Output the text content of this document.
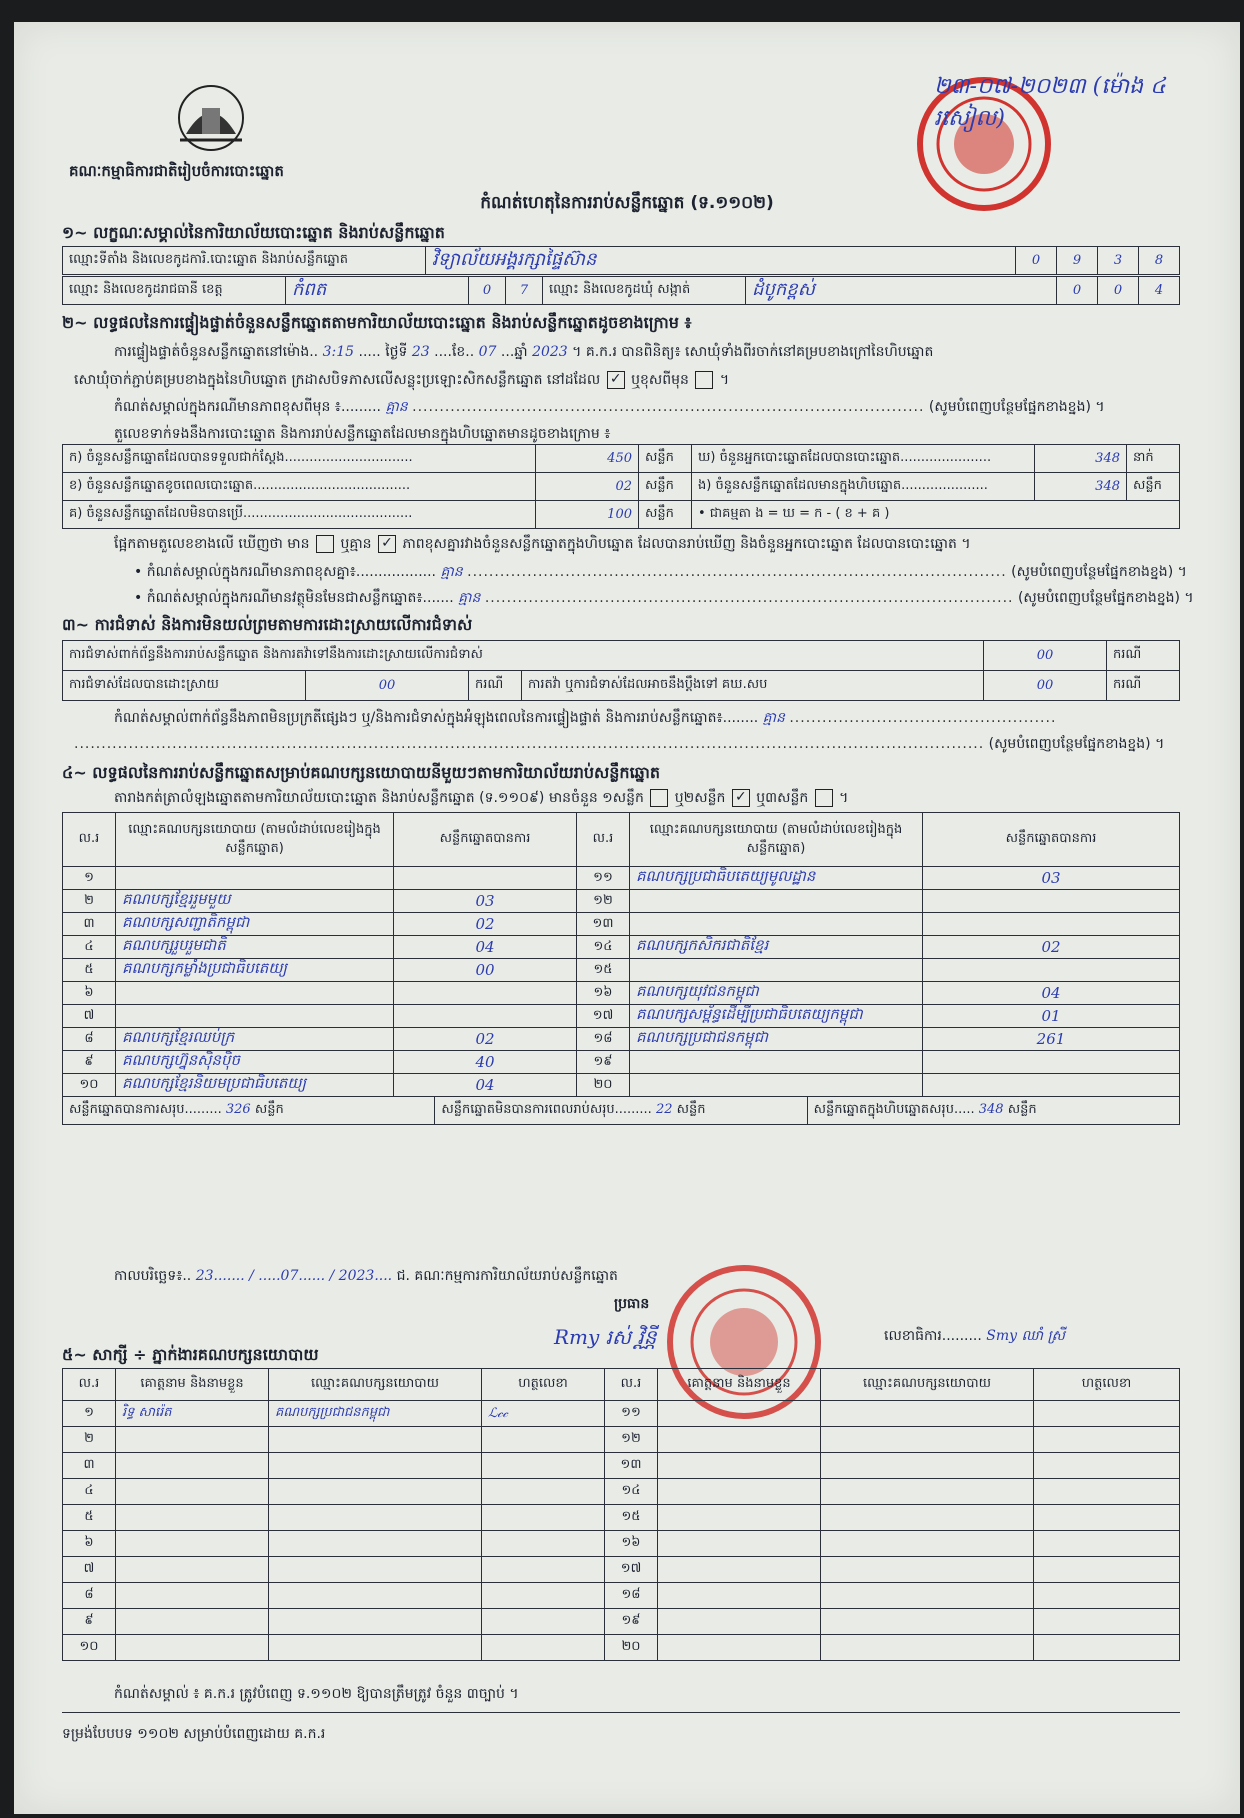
គណៈកម្មាធិការជាតិរៀបចំការបោះឆ្នោត
២៣-០៧-២០២៣ (ម៉ោង ៤ រសៀល)
កំណត់ហេតុនៃការរាប់សន្លឹកឆ្នោត (ទ.១១០២)
១~ លក្ខណៈសម្គាល់នៃការិយាល័យបោះឆ្នោត និងរាប់សន្លឹកឆ្នោត
ឈ្មោះទីតាំង និងលេខកូដការិ.បោះឆ្នោត និងរាប់សន្លឹកឆ្នោត	វិទ្យាល័យអង្គរក្សាផ្ទៃស៊ាន	0	9	3	8
ឈ្មោះ និងលេខកូដរាជធានី ខេត្ត	កំពត	0	7	ឈ្មោះ និងលេខកូដឃុំ សង្កាត់	ដំបូកខ្ពស់	0	0	4
២~ លទ្ធផលនៃការផ្ទៀងផ្ទាត់ចំនួនសន្លឹកឆ្នោតតាមការិយាល័យបោះឆ្នោត និងរាប់សន្លឹកឆ្នោតដូចខាងក្រោម ៖
ការផ្ទៀងផ្ទាត់ចំនួនសន្លឹកឆ្នោតនៅម៉ោង.. 3:15 ..... ថ្ងៃទី 23 ....ខែ.. 07 ...ឆ្នាំ 2023 ។ គ.ក.រ បានពិនិត្យ៖ សោឃុំទាំងពីរចាក់នៅគម្របខាងក្រៅនៃហិបឆ្នោត
សោឃុំចាក់ភ្ជាប់គម្របខាងក្នុងនៃហិបឆ្នោត ក្រដាសបិទភាសលើសន្លុះប្រឡោះសិកសន្លឹកឆ្នោត នៅដដែល ✓ ឬខុសពីមុន  ។
កំណត់សម្គាល់ក្នុងករណីមានភាពខុសពីមុន ៖......... គ្មាន .............................................................................................. (សូមបំពេញបន្ថែមផ្នែកខាងខ្នង) ។
តួលេខទាក់ទងនឹងការបោះឆ្នោត និងការរាប់សន្លឹកឆ្នោតដែលមានក្នុងហិបឆ្នោតមានដូចខាងក្រោម ៖
ក) ចំនួនសន្លឹកឆ្នោតដែលបានទទួលជាក់ស្ដែង...............................	450	សន្លឹក	ឃ) ចំនួនអ្នកបោះឆ្នោតដែលបានបោះឆ្នោត......................	348	នាក់
ខ) ចំនួនសន្លឹកឆ្នោតខូចពេលបោះឆ្នោត......................................	02	សន្លឹក	ង) ចំនួនសន្លឹកឆ្នោតដែលមានក្នុងហិបឆ្នោត.....................	348	សន្លឹក
គ) ចំនួនសន្លឹកឆ្នោតដែលមិនបានប្រើ.........................................	100	សន្លឹក	• ជាគម្មតា ង = ឃ = ក - ( ខ + គ )		
ផ្អែកតាមតួលេខខាងលើ ឃើញថា មាន ឬគ្មាន ✓ ភាពខុសគ្នារវាងចំនួនសន្លឹកឆ្នោតក្នុងហិបឆ្នោត ដែលបានរាប់ឃើញ និងចំនួនអ្នកបោះឆ្នោត ដែលបានបោះឆ្នោត ។
• កំណត់សម្គាល់ក្នុងករណីមានភាពខុសគ្នា៖.................. គ្មាន ................................................................................................... (សូមបំពេញបន្ថែមផ្នែកខាងខ្នង) ។
• កំណត់សម្គាល់ក្នុងករណីមានវត្ថុមិនមែនជាសន្លឹកឆ្នោត៖....... គ្មាន ................................................................................................. (សូមបំពេញបន្ថែមផ្នែកខាងខ្នង) ។
៣~ ការជំទាស់ និងការមិនយល់ព្រមតាមការដោះស្រាយលើការជំទាស់
ការជំទាស់ពាក់ព័ន្ធនឹងការរាប់សន្លឹកឆ្នោត និងការតវ៉ាទៅនឹងការដោះស្រាយលើការជំទាស់				00	ករណី
ការជំទាស់ដែលបានដោះស្រាយ	00	ករណី	ការតវ៉ា ឬការជំទាស់ដែលអាចនឹងប្ដឹងទៅ គឃ.សប	00	ករណី
កំណត់សម្គាល់ពាក់ព័ន្ធនឹងភាពមិនប្រក្រតីផ្សេងៗ ឬ/និងការជំទាស់ក្នុងអំឡុងពេលនៃការផ្ទៀងផ្ទាត់ និងការរាប់សន្លឹកឆ្នោត៖........ គ្មាន .................................................
....................................................................................................................................................................... (សូមបំពេញបន្ថែមផ្នែកខាងខ្នង) ។
៤~ លទ្ធផលនៃការរាប់សន្លឹកឆ្នោតសម្រាប់គណបក្សនយោបាយនីមួយៗតាមការិយាល័យរាប់សន្លឹកឆ្នោត
តារាងកត់ត្រាលំឡងឆ្នោតតាមការិយាល័យបោះឆ្នោត និងរាប់សន្លឹកឆ្នោត (ទ.១១០៩) មានចំនួន ១សន្លឹក ឬ២សន្លឹក ✓ ឬ៣សន្លឹក  ។
ល.រ	ឈ្មោះគណបក្សនយោបាយ (តាមលំដាប់លេខរៀងក្នុងសន្លឹកឆ្នោត)	សន្លឹកឆ្នោតបានការ	ល.រ	ឈ្មោះគណបក្សនយោបាយ (តាមលំដាប់លេខរៀងក្នុងសន្លឹកឆ្នោត)	សន្លឹកឆ្នោតបានការ
១			១១	គណបក្សប្រជាធិបតេយ្យមូលដ្ឋាន	03
២	គណបក្សខ្មែររួមមួយ	03	១២		
៣	គណបក្សសញ្ជាតិកម្ពុជា	02	១៣		
៤	គណបក្សរួបរួមជាតិ	04	១៤	គណបក្សកសិករជាតិខ្មែរ	02
៥	គណបក្សកម្លាំងប្រជាធិបតេយ្យ	00	១៥		
៦			១៦	គណបក្សយុវជនកម្ពុជា	04
៧			១៧	គណបក្សសម្ព័ន្ធដើម្បីប្រជាធិបតេយ្យកម្ពុជា	01
៨	គណបក្សខ្មែរឈប់ក្រ	02	១៨	គណបក្សប្រជាជនកម្ពុជា	261
៩	គណបក្សហ្វ៊ុនស៊ិនប៉ិច	40	១៩		
១០	គណបក្សខ្មែរនិយមប្រជាធិបតេយ្យ	04	២០		

សន្លឹកឆ្នោតបានការសរុប......... 326 សន្លឹក សន្លឹកឆ្នោតមិនបានការពេលរាប់សរុប......... 22 សន្លឹក សន្លឹកឆ្នោតក្នុងហិបឆ្នោតសរុប..... 348 សន្លឹក					
កាលបរិច្ឆេទ៖.. 23....... / .....07...... / 2023.... ជ. គណៈកម្មការការិយាល័យរាប់សន្លឹកឆ្នោត
ប្រធាន
Rmy រស់ វិន្ណី	លេខាធិការ......... Smy ឈាំ ស្រី
៥~ សាក្សី ÷ ភ្នាក់ងារគណបក្សនយោបាយ
ល.រ	គោត្តនាម និងនាមខ្លួន	ឈ្មោះគណបក្សនយោបាយ	ហត្ថលេខា	ល.រ	គោត្តនាម និងនាមខ្លួន	ឈ្មោះគណបក្សនយោបាយ	ហត្ថលេខា
១	រិទ្ធ សារ៉េត	គណបក្សប្រជាជនកម្ពុជា	ℒ𝒸𝒸	១១			
២				១២			
៣				១៣			
៤				១៤			
៥				១៥			
៦				១៦			
៧				១៧			
៨				១៨			
៩				១៩			
១០				២០			
កំណត់សម្គាល់ ៖ គ.ក.រ ត្រូវបំពេញ ទ.១១០២ ឱ្យបានត្រឹមត្រូវ ចំនួន ៣ច្បាប់ ។
ទម្រង់បែបបទ ១១០២ សម្រាប់បំពេញដោយ គ.ក.រ
